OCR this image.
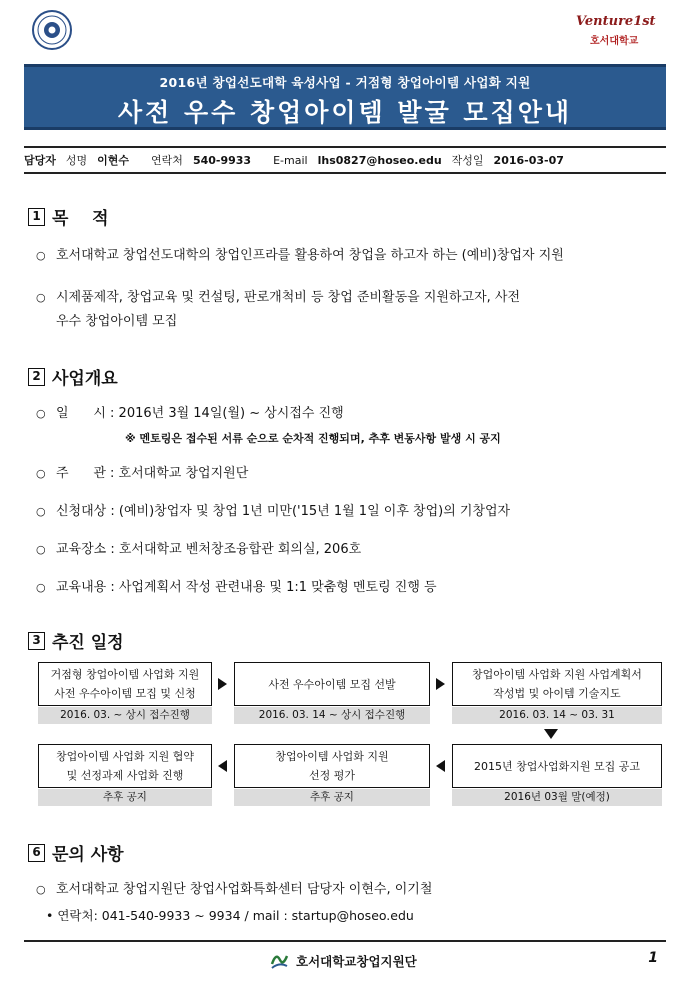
Venture1st
호서대학교
2016년 창업선도대학 육성사업 - 거점형 창업아이템 사업화 지원
사전 우수 창업아이템 발굴 모집안내
담당자 성명 이현수 연락처 540-9933 E-mail lhs0827@hoseo.edu 작성일 2016-03-07
1 목    적
○ 호서대학교 창업선도대학의 창업인프라를 활용하여 창업을 하고자 하는 (예비)창업자 지원
○ 시제품제작, 창업교육 및 컨설팅, 판로개척비 등 창업 준비활동을 지원하고자, 사전
우수 창업아이템 모집
2 사업개요
○ 일      시 : 2016년 3월 14일(월) ~ 상시접수 진행
※ 멘토링은 접수된 서류 순으로 순차적 진행되며, 추후 변동사항 발생 시 공지
○ 주      관 : 호서대학교 창업지원단
○ 신청대상 : (예비)창업자 및 창업 1년 미만('15년 1월 1일 이후 창업)의 기창업자
○ 교육장소 : 호서대학교 벤처창조융합관 회의실, 206호
○ 교육내용 : 사업계획서 작성 관련내용 및 1:1 맞춤형 멘토링 진행 등
3 추진 일정
거점형 창업아이템 사업화 지원
사전 우수아이템 모집 및 신청
2016. 03. ~ 상시 접수진행
사전 우수아이템 모집 선발
2016. 03. 14 ~ 상시 접수진행
창업아이템 사업화 지원 사업계획서
작성법 및 아이템 기술지도
2016. 03. 14 ~ 03. 31
창업아이템 사업화 지원 협약
및 선정과제 사업화 진행
추후 공지
창업아이템 사업화 지원
선정 평가
추후 공지
2015년 창업사업화지원 모집 공고
2016년 03월 말(예정)
6 문의 사항
○ 호서대학교 창업지원단 창업사업화특화센터 담당자 이현수, 이기철
• 연락처: 041-540-9933 ~ 9934 / mail : startup@hoseo.edu
호서대학교창업지원단	1
